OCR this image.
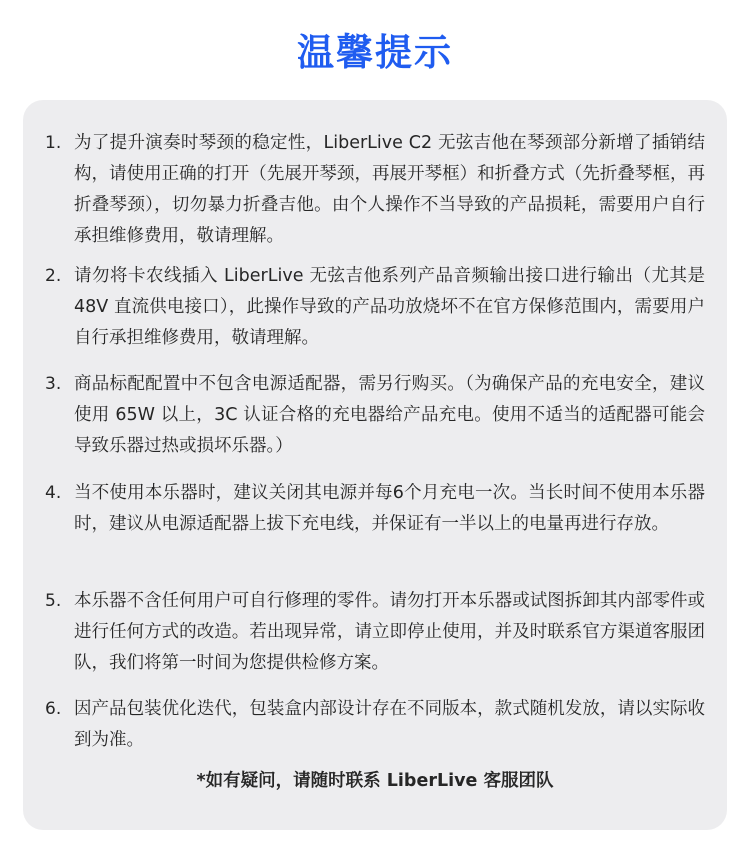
温馨提示
1. 为了提升演奏时琴颈的稳定性，LiberLive C2 无弦吉他在琴颈部分新增了插销结构，请使用正确的打开（先展开琴颈，再展开琴框）和折叠方式（先折叠琴框，再折叠琴颈），切勿暴力折叠吉他。由个人操作不当导致的产品损耗，需要用户自行承担维修费用，敬请理解。
2. 请勿将卡农线插入 LiberLive 无弦吉他系列产品音频输出接口进行输出（尤其是 48V 直流供电接口），此操作导致的产品功放烧坏不在官方保修范围内，需要用户自行承担维修费用，敬请理解。
3. 商品标配配置中不包含电源适配器，需另行购买。（为确保产品的充电安全，建议使用 65W 以上，3C 认证合格的充电器给产品充电。使用不适当的适配器可能会导致乐器过热或损坏乐器。）
4. 当不使用本乐器时，建议关闭其电源并每6个月充电一次。当长时间不使用本乐器时，建议从电源适配器上拔下充电线，并保证有一半以上的电量再进行存放。
5. 本乐器不含任何用户可自行修理的零件。请勿打开本乐器或试图拆卸其内部零件或进行任何方式的改造。若出现异常，请立即停止使用，并及时联系官方渠道客服团队，我们将第一时间为您提供检修方案。
6. 因产品包装优化迭代，包装盒内部设计存在不同版本，款式随机发放，请以实际收到为准。
*如有疑问，请随时联系 LiberLive 客服团队
